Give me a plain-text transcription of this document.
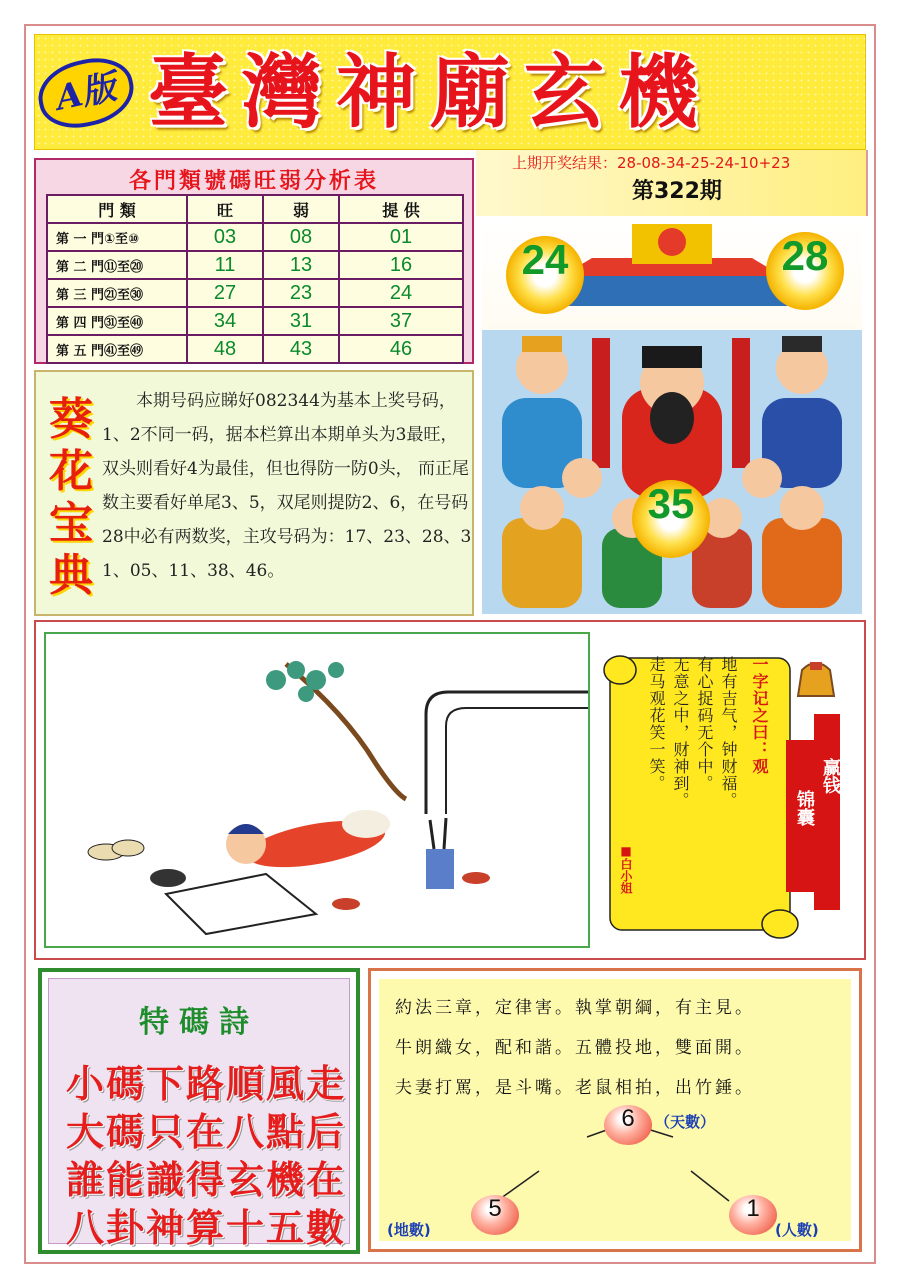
A版 臺灣神廟玄機
上期开奖结果：28-08-34-25-24-10+23
第322期
各門類號碼旺弱分析表
門 類	旺	弱	提 供
第 一 門①至⑩	03	08	01
第 二 門⑪至⑳	11	13	16
第 三 門㉑至㉚	27	23	24
第 四 門㉛至㊵	34	31	37
第 五 門㊶至㊾	48	43	46
葵花宝典
本期号码应睇好082344为基本上奖号码，1、2不同一码，据本栏算出本期单头为3最旺，双头则看好4为最佳，但也得防一防0头， 而正尾数主要看好单尾3、5，双尾则提防2、6，在号码28中必有两数奖，主攻号码为：17、23、28、31、05、11、38、46。
24	28
35
一字记之曰：观
地有吉气，钟财福。
有心捉码无个中。
无意之中，财神到。
走马观花笑一笑。
■白小姐
赢钱
锦囊
特碼詩
小碼下路順風走
大碼只在八點后
誰能識得玄機在
八卦神算十五數
約法三章，定律害。執掌朝綱，有主見。
牛朗織女，配和諧。五體投地，雙面開。
夫妻打罵，是斗嘴。老鼠相拍，出竹錘。
6	（天數）
5
(地數)
1
(人數)
